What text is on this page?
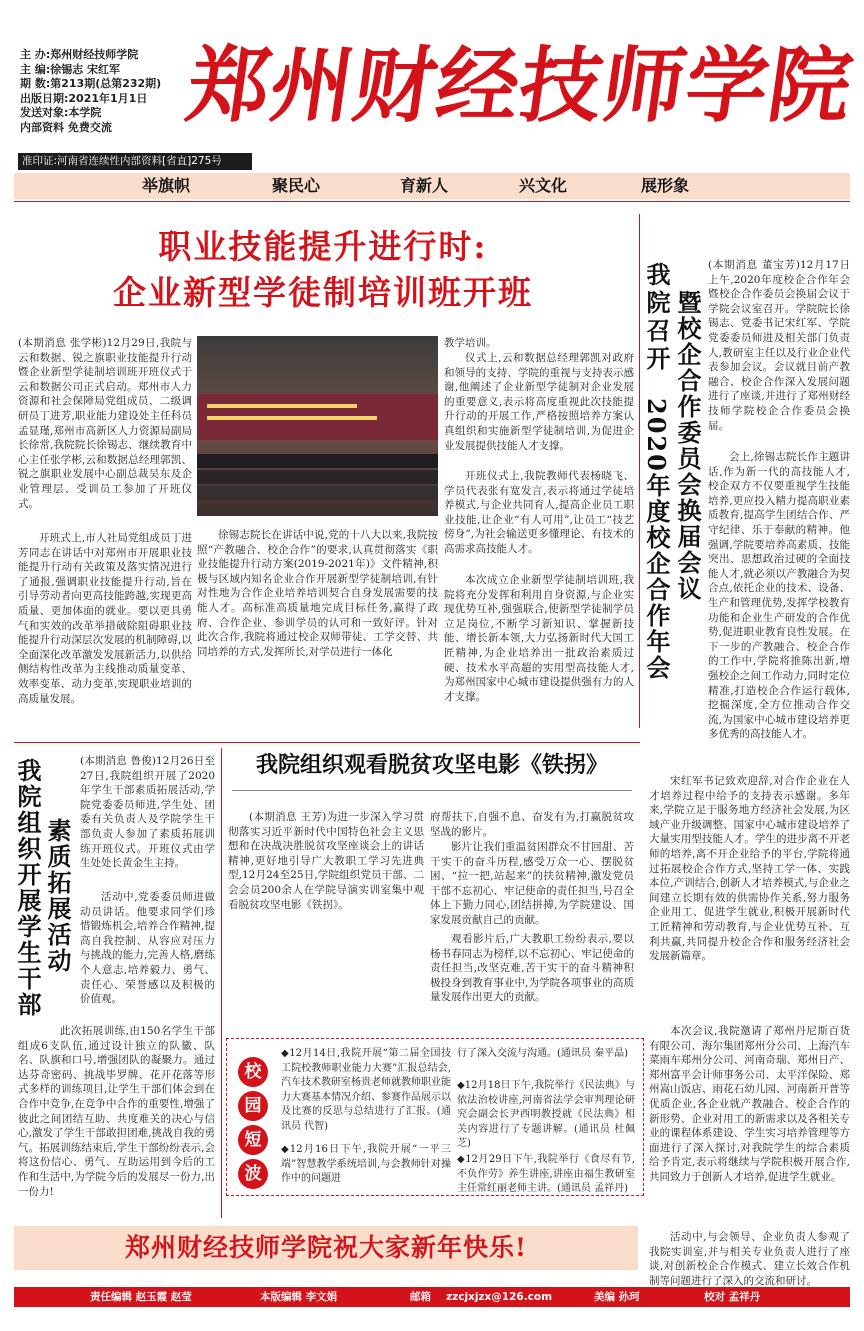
主 办:郑州财经技师学院
主 编:徐锡志 宋红军
期 数:第213期(总第232期)
出版日期:2021年1月1日
发送对象:本学院
内部资料 免费交流
准印证:河南省连续性内部资料[省直]275号
郑州财经技师学院
举旗帜	聚民心	育新人	兴文化	展形象
职业技能提升进行时:
企业新型学徒制培训班开班
(本期消息 张学彬)12月29日,我院与云和数据、锐之旗职业技能提升行动暨企业新型学徒制培训班开班仪式于云和数据公司正式启动。郑州市人力资源和社会保障局党组成员、二级调研员丁进芳,职业能力建设处主任科员孟显瑾,郑州市高新区人力资源局副局长徐常,我院院长徐锡志、继续教育中心主任张学彬,云和数据总经理郭凯、锐之旗职业发展中心副总裁吴东及企业管理层、受训员工参加了开班仪式。
开班式上,市人社局党组成员丁进芳同志在讲话中对郑州市开展职业技能提升行动有关政策及落实情况进行了通报,强调职业技能提升行动,旨在引导劳动者向更高技能跨越,实现更高质量、更加体面的就业。要以更具勇气和实效的改革举措破除阻碍职业技能提升行动深层次发展的机制障碍,以全面深化改革激发发展新活力,以供给侧结构性改革为主线推动质量变革、效率变革、动力变革,实现职业培训的高质量发展。
徐锡志院长在讲话中说,党的十八大以来,我院按照“产教融合、校企合作”的要求,认真贯彻落实《职业技能提升行动方案(2019-2021年)》文件精神,积极与区域内知名企业合作开展新型学徒制培训,有针对性地为合作企业培养培训契合自身发展需要的技能人才。高标准高质量地完成目标任务,赢得了政府、合作企业、参训学员的认可和一致好评。针对此次合作,我院将通过校企双师带徒、工学交替、共同培养的方式,发挥所长,对学员进行一体化
教学培训。
仪式上,云和数据总经理郭凯对政府和领导的支持、学院的重视与支持表示感谢,他阐述了企业新型学徒制对企业发展的重要意义,表示将高度重视此次技能提升行动的开展工作,严格按照培养方案认真组织和实施新型学徒制培训,为促进企业发展提供技能人才支撑。
开班仪式上,我院教师代表杨晓飞、学员代表张有宽发言,表示将通过学徒培养模式,与企业共同育人,提高企业员工职业技能,让企业“有人可用”,让员工“技艺傍身”,为社会输送更多懂理论、有技术的高需求高技能人才。
本次成立企业新型学徒制培训班,我院将充分发挥和利用自身资源,与企业实现优势互补,强强联合,使新型学徒制学员立足岗位,不断学习新知识、掌握新技能、增长新本领,大力弘扬新时代大国工匠精神,为企业培养出一批政治素质过硬、技术水平高超的实用型高技能人才,为郑州国家中心城市建设提供强有力的人才支撑。
我院召开 暨校企合作委员会换届会议
2020年度校企合作年会
(本期消息 董宝芳)12月17日上午,2020年度校企合作年会暨校企合作委员会换届会议于学院会议室召开。学院院长徐锡志、党委书记宋红军、学院党委委员师进及相关部门负责人,教研室主任以及行业企业代表参加会议。会议就目前产教融合、校企合作深入发展问题进行了座谈,并进行了郑州财经技师学院校企合作委员会换届。
会上,徐锡志院长作主题讲话,作为新一代的高技能人才,校企双方不仅要重视学生技能培养,更应投入精力提高职业素质教育,提高学生团结合作、严守纪律、乐于奉献的精神。他强调,学院要培养高素质、技能突出、思想政治过硬的全面技能人才,就必须以产教融合为契合点,依托企业的技术、设备、生产和管理优势,发挥学校教育功能和企业生产研发的合作优势,促进职业教育良性发展。在下一步的产教融合、校企合作的工作中,学院将推陈出新,增强校企之间工作动力,同时定位精准,打造校企合作运行载体,挖掘深度,全方位推动合作交流,为国家中心城市建设培养更多优秀的高技能人才。
宋红军书记致欢迎辞,对合作企业在人才培养过程中给予的支持表示感谢。多年来,学院立足于服务地方经济社会发展,为区域产业升级调整、国家中心城市建设培养了大量实用型技能人才。学生的进步离不开老师的培养,离不开企业给予的平台,学院将通过拓展校企合作方式,坚持工学一体、实践本位,产训结合,创新人才培养模式,与企业之间建立长期有效的供需协作关系,努力服务企业用工、促进学生就业,积极开展新时代工匠精神和劳动教育,与企业优势互补、互利共赢,共同提升校企合作和服务经济社会发展新篇章。
本次会议,我院邀请了郑州丹尼斯百货有限公司、海尔集团郑州分公司、上海汽车菜雨车郑州分公司、河南奇瑞、郑州日产、郑州富平会计师事务公司、太平洋保险、郑州嵩山饭店、雨花石幼儿园、河南新开普等优质企业,各企业就产教融合、校企合作的新形势、企业对用工的新需求以及各相关专业的课程体系建设、学生实习培养管理等方面进行了深入探讨,对我院学生的综合素质给予肯定,表示将继续与学院积极开展合作,共同致力于创新人才培养,促进学生就业。
活动中,与会领导、企业负责人参观了我院实训室,并与相关专业负责人进行了座谈,对创新校企合作模式、建立长效合作机制等问题进行了深入的交流和研讨。
我院组织开展学生干部 素质拓展活动
(本期消息 鲁俊)12月26日至27日,我院组织开展了2020年学生干部素质拓展活动,学院党委委员师进,学生处、团委有关负责人及学院学生干部负责人参加了素质拓展训练开班仪式。开班仪式由学生处处长黄金生主持。
活动中,党委委员师进做动员讲话。他要求同学们珍惜锻炼机会,培养合作精神,提高自我控制、从容应对压力与挑战的能力,完善人格,磨练个人意志,培养毅力、勇气、责任心、荣誉感以及积极的价值观。
此次拓展训练,由150名学生干部组成6支队伍,通过设计独立的队徽、队名、队旗和口号,增强团队的凝聚力。通过达芬奇密码、挑战毕罗牌、花开花落等形式多样的训练项目,让学生干部们体会到在合作中竞争,在竞争中合作的重要性,增强了彼此之间团结互助、共度难关的决心与信心,激发了学生干部敢担团难,挑战自我的勇气。拓展训练结束后,学生干部纷纷表示,会将这份信心、勇气、互助运用到今后的工作和生活中,为学院今后的发展尽一份力,出一份力!
我院组织观看脱贫攻坚电影《铁拐》
(本期消息 王芳)为进一步深入学习贯彻落实习近平新时代中国特色社会主义思想和在决战决胜脱贫攻坚座谈会上的讲话精神,更好地引导广大教职工学习先进典型,12月24至25日,学院组织党员干部、二会会员200余人在学院导演实训室集中观看脱贫攻坚电影《铁拐》。
府帮扶下,自强不息、奋发有为,打赢脱贫攻坚战的影片。
影片让我们重温贫困群众不甘回甜、苦干实干的奋斗历程,感受万众一心、摆脱贫困、“拉一把,站起来”的扶贫精神,激发党员干部不忘初心、牢记使命的责任担当,号召全体上下勤力同心,团结拼搏,为学院建设、国家发展贡献自己的贡献。
观看影片后,广大教职工纷纷表示,要以杨书春同志为榜样,以不忘初心、牢记使命的责任担当,改坚克难,苦干实干的奋斗精神积极投身到教育事业中,为学院各项事业的高质量发展作出更大的贡献。
校
园
短
波
◆12月14日,我院开展“第二届全国技工院校教师职业能力大赛”汇报总结会,汽车技术教研室杨贵老师就教师职业能力大赛基本情况介绍、参赛作品展示以及比赛的反思与总结进行了汇报。(通讯员 代智)
◆12月16日下午,我院开展“一平三端”智慧教学系统培训,与会教师针对操作中的问题进
行了深入交流与沟通。(通讯员 秦平晶)
◆12月18日下午,我院举行《民法典》与依法治校讲座,河南省法学会审判理论研究会副会长尹西明教授就《民法典》相关内容进行了专题讲解。(通讯员 杜佩芝)
◆12月29日下午,我院举行《食尽有节,不负作劳》养生讲座,讲座由福生教研室主任常红丽老师主讲。(通讯员 孟祥丹)
郑州财经技师学院祝大家新年快乐!
责任编辑 赵玉霞 赵莹	本版编辑 李文娟	邮箱 zzcjxjzx@126.com	美编 孙珂	校对 孟祥丹
